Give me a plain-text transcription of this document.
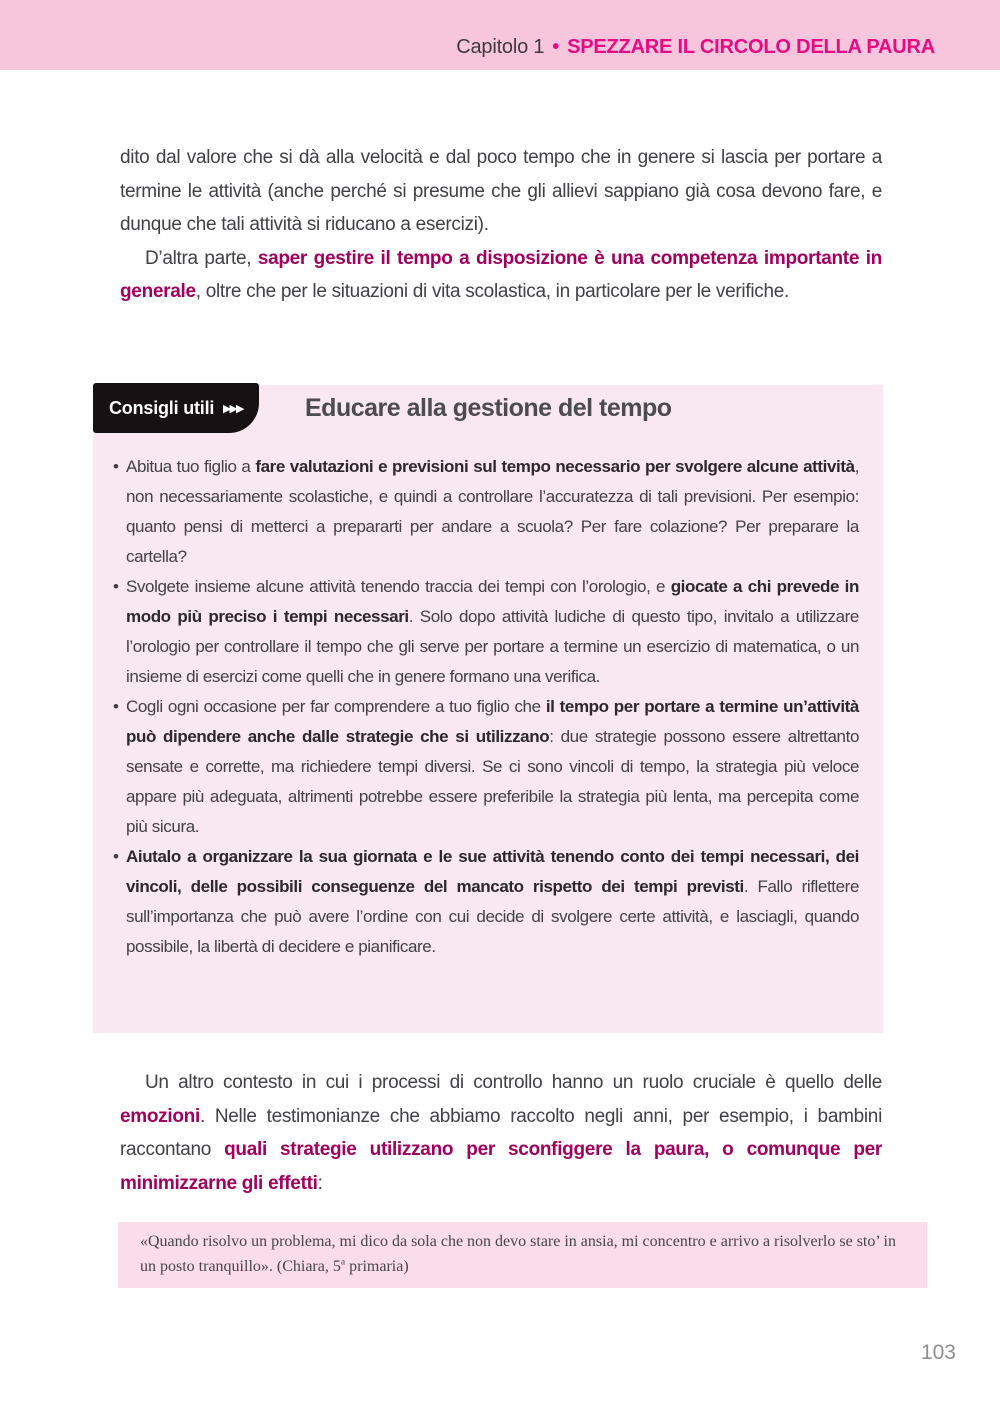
Capitolo 1 • SPEZZARE IL CIRCOLO DELLA PAURA

dito dal valore che si dà alla velocità e dal poco tempo che in genere si lascia per portare a termine le attività (anche perché si presume che gli allievi sappiano già cosa devono fare, e dunque che tali attività si riducano a esercizi).

D’altra parte, saper gestire il tempo a disposizione è una competenza importante in generale, oltre che per le situazioni di vita scolastica, in particolare per le verifiche.

Consigli utili ▸▸▸ Educare alla gestione del tempo
• Abitua tuo figlio a fare valutazioni e previsioni sul tempo necessario per svolgere alcune attività, non necessariamente scolastiche, e quindi a controllare l’accuratezza di tali previsioni. Per esempio: quanto pensi di metterci a prepararti per andare a scuola? Per fare colazione? Per preparare la cartella?
• Svolgete insieme alcune attività tenendo traccia dei tempi con l’orologio, e giocate a chi prevede in modo più preciso i tempi necessari. Solo dopo attività ludiche di questo tipo, invitalo a utilizzare l’orologio per controllare il tempo che gli serve per portare a termine un esercizio di matematica, o un insieme di esercizi come quelli che in genere formano una verifica.
• Cogli ogni occasione per far comprendere a tuo figlio che il tempo per portare a termine un’attività può dipendere anche dalle strategie che si utilizzano: due strategie possono essere altrettanto sensate e corrette, ma richiedere tempi diversi. Se ci sono vincoli di tempo, la strategia più veloce appare più adeguata, altrimenti potrebbe essere preferibile la strategia più lenta, ma percepita come più sicura.
• Aiutalo a organizzare la sua giornata e le sue attività tenendo conto dei tempi necessari, dei vincoli, delle possibili conseguenze del mancato rispetto dei tempi previsti. Fallo riflettere sull’importanza che può avere l’ordine con cui decide di svolgere certe attività, e lasciagli, quando possibile, la libertà di decidere e pianificare.

Un altro contesto in cui i processi di controllo hanno un ruolo cruciale è quello delle emozioni. Nelle testimonianze che abbiamo raccolto negli anni, per esempio, i bambini raccontano quali strategie utilizzano per sconfiggere la paura, o comunque per minimizzarne gli effetti:

«Quando risolvo un problema, mi dico da sola che non devo stare in ansia, mi concentro e arrivo a risolverlo se sto’ in un posto tranquillo». (Chiara, 5$^a$ primaria)
103
